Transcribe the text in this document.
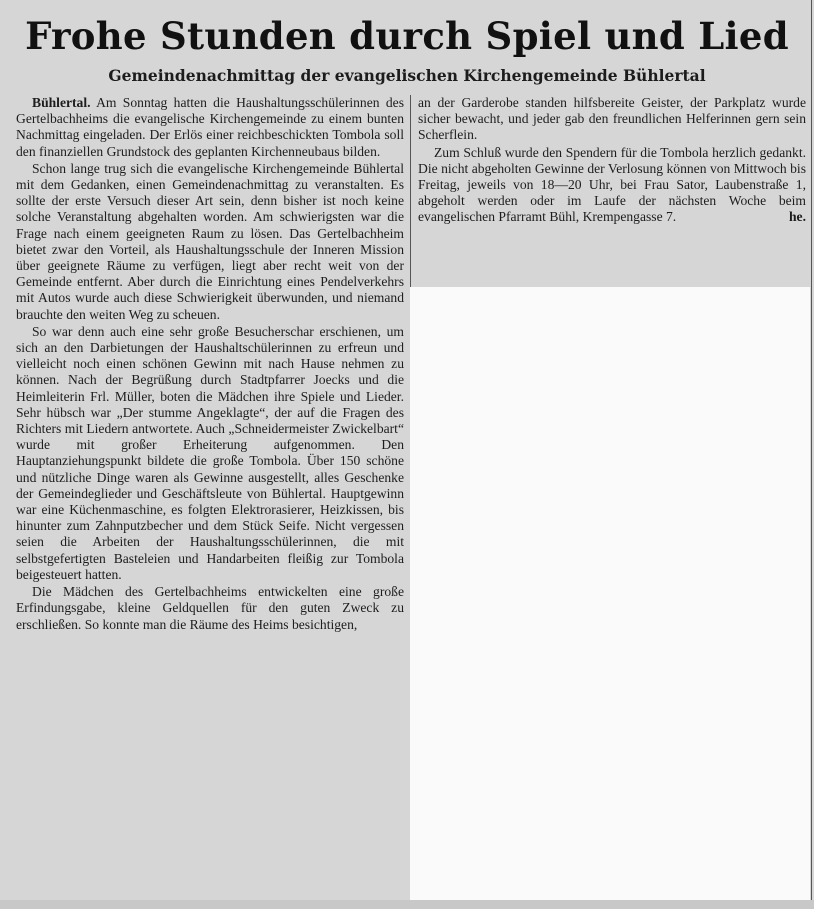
Frohe Stunden durch Spiel und Lied
Gemeindenachmittag der evangelischen Kirchengemeinde Bühlertal

Bühlertal. Am Sonntag hatten die Haushaltungsschülerinnen des Gertelbachheims die evangelische Kirchengemeinde zu einem bunten Nachmittag eingeladen. Der Erlös einer reichbeschickten Tombola soll den finanziellen Grundstock des geplanten Kirchenneubaus bilden.

Schon lange trug sich die evangelische Kirchengemeinde Bühlertal mit dem Gedanken, einen Gemeindenachmittag zu veranstalten. Es sollte der erste Versuch dieser Art sein, denn bisher ist noch keine solche Veranstaltung abgehalten worden. Am schwierigsten war die Frage nach einem geeigneten Raum zu lösen. Das Gertelbachheim bietet zwar den Vorteil, als Haushaltungsschule der Inneren Mission über geeignete Räume zu verfügen, liegt aber recht weit von der Gemeinde entfernt. Aber durch die Einrichtung eines Pendelverkehrs mit Autos wurde auch diese Schwierigkeit überwunden, und niemand brauchte den weiten Weg zu scheuen.

So war denn auch eine sehr große Besucherschar erschienen, um sich an den Darbietungen der Haushaltschülerinnen zu erfreun und vielleicht noch einen schönen Gewinn mit nach Hause nehmen zu können. Nach der Begrüßung durch Stadtpfarrer Joecks und die Heimleiterin Frl. Müller, boten die Mädchen ihre Spiele und Lieder. Sehr hübsch war „Der stumme Angeklagte“, der auf die Fragen des Richters mit Liedern antwortete. Auch „Schneidermeister Zwickelbart“ wurde mit großer Erheiterung aufgenommen. Den Hauptanziehungspunkt bildete die große Tombola. Über 150 schöne und nützliche Dinge waren als Gewinne ausgestellt, alles Geschenke der Gemeindeglieder und Geschäftsleute von Bühlertal. Hauptgewinn war eine Küchenmaschine, es folgten Elektrorasierer, Heizkissen, bis hinunter zum Zahnputzbecher und dem Stück Seife. Nicht vergessen seien die Arbeiten der Haushaltungsschülerinnen, die mit selbstgefertigten Basteleien und Handarbeiten fleißig zur Tombola beigesteuert hatten.

Die Mädchen des Gertelbachheims entwickelten eine große Erfindungsgabe, kleine Geldquellen für den guten Zweck zu erschließen. So konnte man die Räume des Heims besichtigen,

an der Garderobe standen hilfsbereite Geister, der Parkplatz wurde sicher bewacht, und jeder gab den freundlichen Helferinnen gern sein Scherflein.

Zum Schluß wurde den Spendern für die Tombola herzlich gedankt. Die nicht abgeholten Gewinne der Verlosung können von Mittwoch bis Freitag, jeweils von 18—20 Uhr, bei Frau Sator, Laubenstraße 1, abgeholt werden oder im Laufe der nächsten Woche beim evangelischen Pfarramt Bühl, Krempengasse 7.	he.
